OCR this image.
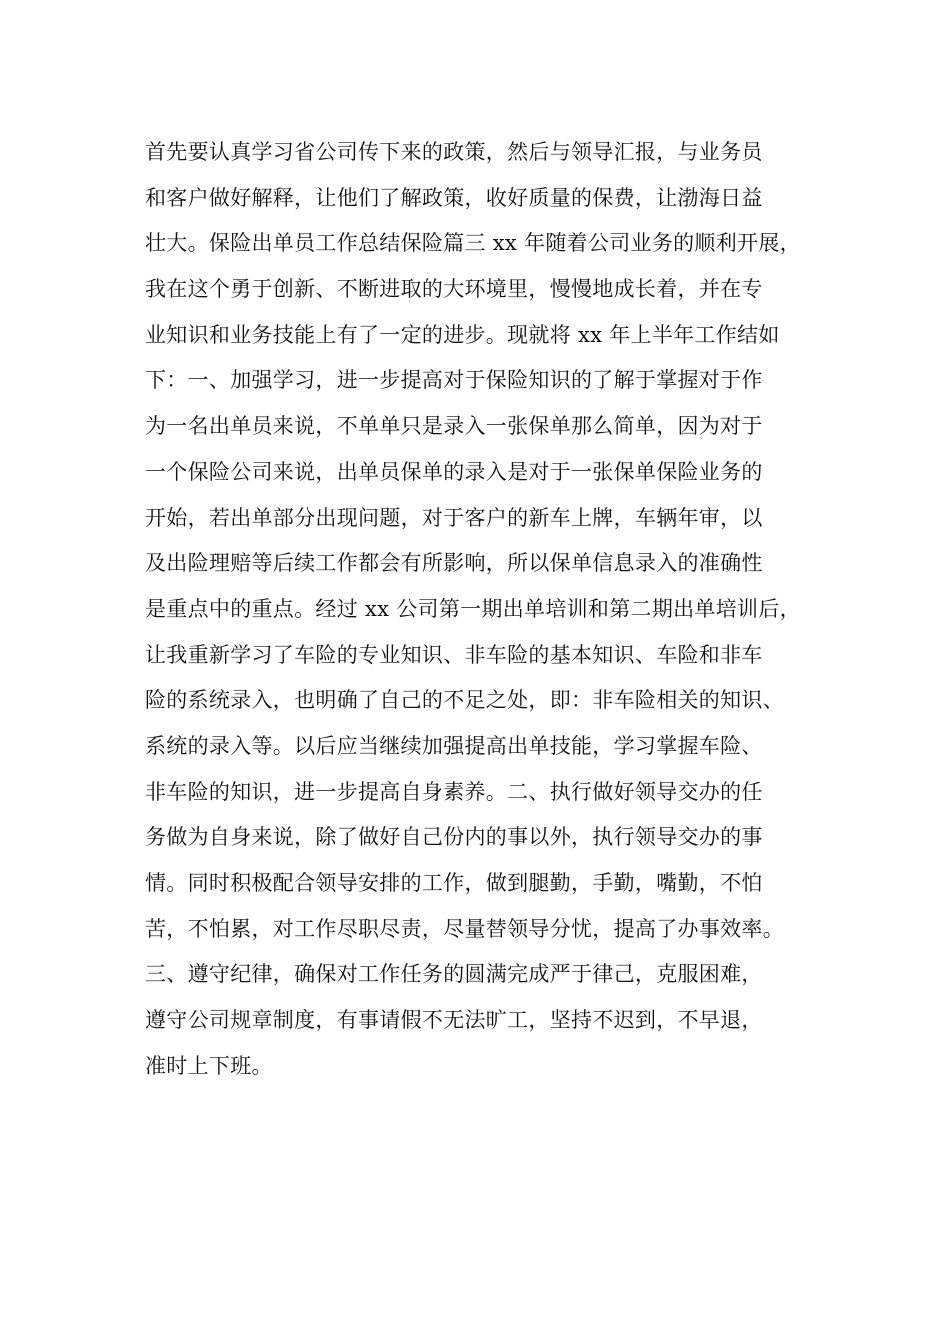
首先要认真学习省公司传下来的政策，然后与领导汇报，与业务员
和客户做好解释，让他们了解政策，收好质量的保费，让渤海日益
壮大。保险出单员工作总结保险篇三 xx 年随着公司业务的顺利开展，
我在这个勇于创新、不断进取的大环境里，慢慢地成长着，并在专
业知识和业务技能上有了一定的进步。现就将 xx 年上半年工作结如
下：一、加强学习，进一步提高对于保险知识的了解于掌握对于作
为一名出单员来说，不单单只是录入一张保单那么简单，因为对于
一个保险公司来说，出单员保单的录入是对于一张保单保险业务的
开始，若出单部分出现问题，对于客户的新车上牌，车辆年审，以
及出险理赔等后续工作都会有所影响，所以保单信息录入的准确性
是重点中的重点。经过 xx 公司第一期出单培训和第二期出单培训后，
让我重新学习了车险的专业知识、非车险的基本知识、车险和非车
险的系统录入，也明确了自己的不足之处，即：非车险相关的知识、
系统的录入等。以后应当继续加强提高出单技能，学习掌握车险、
非车险的知识，进一步提高自身素养。二、执行做好领导交办的任
务做为自身来说，除了做好自己份内的事以外，执行领导交办的事
情。同时积极配合领导安排的工作，做到腿勤，手勤，嘴勤，不怕
苦，不怕累，对工作尽职尽责，尽量替领导分忧，提高了办事效率。
三、遵守纪律，确保对工作任务的圆满完成严于律己，克服困难，
遵守公司规章制度，有事请假不无法旷工，坚持不迟到，不早退，
准时上下班。
